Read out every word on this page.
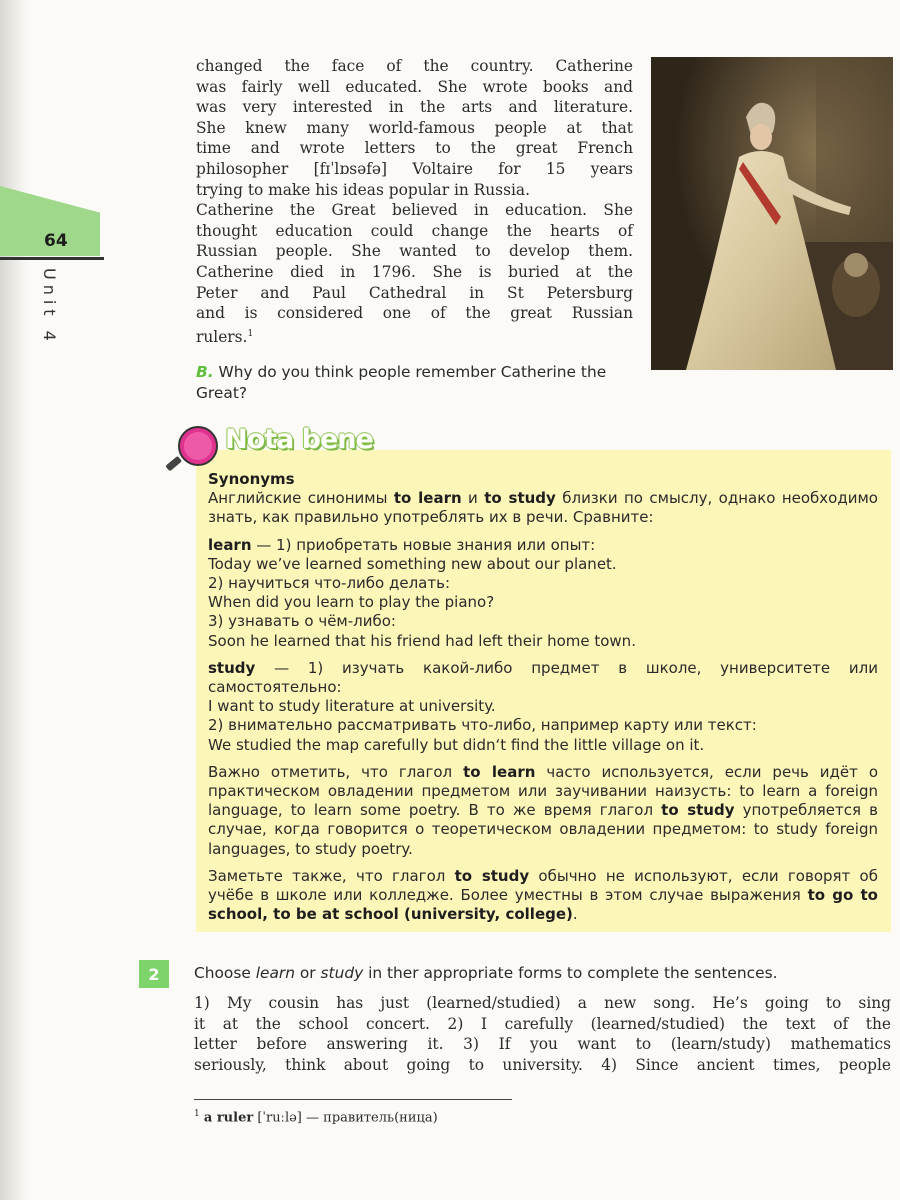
64
Unit 4
changed the face of the country. Catherine
was fairly well educated. She wrote books and
was very interested in the arts and literature.
She knew many world-famous people at that
time and wrote letters to the great French
philosopher [fɪˈlɒsəfə] Voltaire for 15 years
trying to make his ideas popular in Russia.
Catherine the Great believed in education. She
thought education could change the hearts of
Russian people. She wanted to develop them.
Catherine died in 1796. She is buried at the
Peter and Paul Cathedral in St Petersburg
and is considered one of the great Russian
rulers.$^1$
B. Why do you think people remember Catherine the Great?
Nota bene

Synonyms

Английские синонимы to learn и to study близки по смыслу, однако необходимо знать, как правильно употреблять их в речи. Сравните:

learn — 1) приобретать новые знания или опыт:

Today we’ve learned something new about our planet.

2) научиться что-либо делать:

When did you learn to play the piano?

3) узнавать о чём-либо:

Soon he learned that his friend had left their home town.

study — 1) изучать какой-либо предмет в школе, университете или самостоятельно:

I want to study literature at university.

2) внимательно рассматривать что-либо, например карту или текст:

We studied the map carefully but didn‘t find the little village on it.

Важно отметить, что глагол to learn часто используется, если речь идёт о практическом овладении предметом или заучивании наизусть: to learn a foreign language, to learn some poetry. В то же время глагол to study употребляется в случае, когда говорится о теоретическом овладении предметом: to study foreign languages, to study poetry.

Заметьте также, что глагол to study обычно не используют, если говорят об учёбе в школе или колледже. Более уместны в этом случае выражения to go to school, to be at school (university, college).

2	Choose learn or study in ther appropriate forms to complete the sentences.
1) My cousin has just (learned/studied) a new song. He’s going to sing
it at the school concert. 2) I carefully (learned/studied) the text of the
letter before answering it. 3) If you want to (learn/study) mathematics
seriously, think about going to university. 4) Since ancient times, people
$^1$ a ruler [ˈruːlə] — правитель(ница)
